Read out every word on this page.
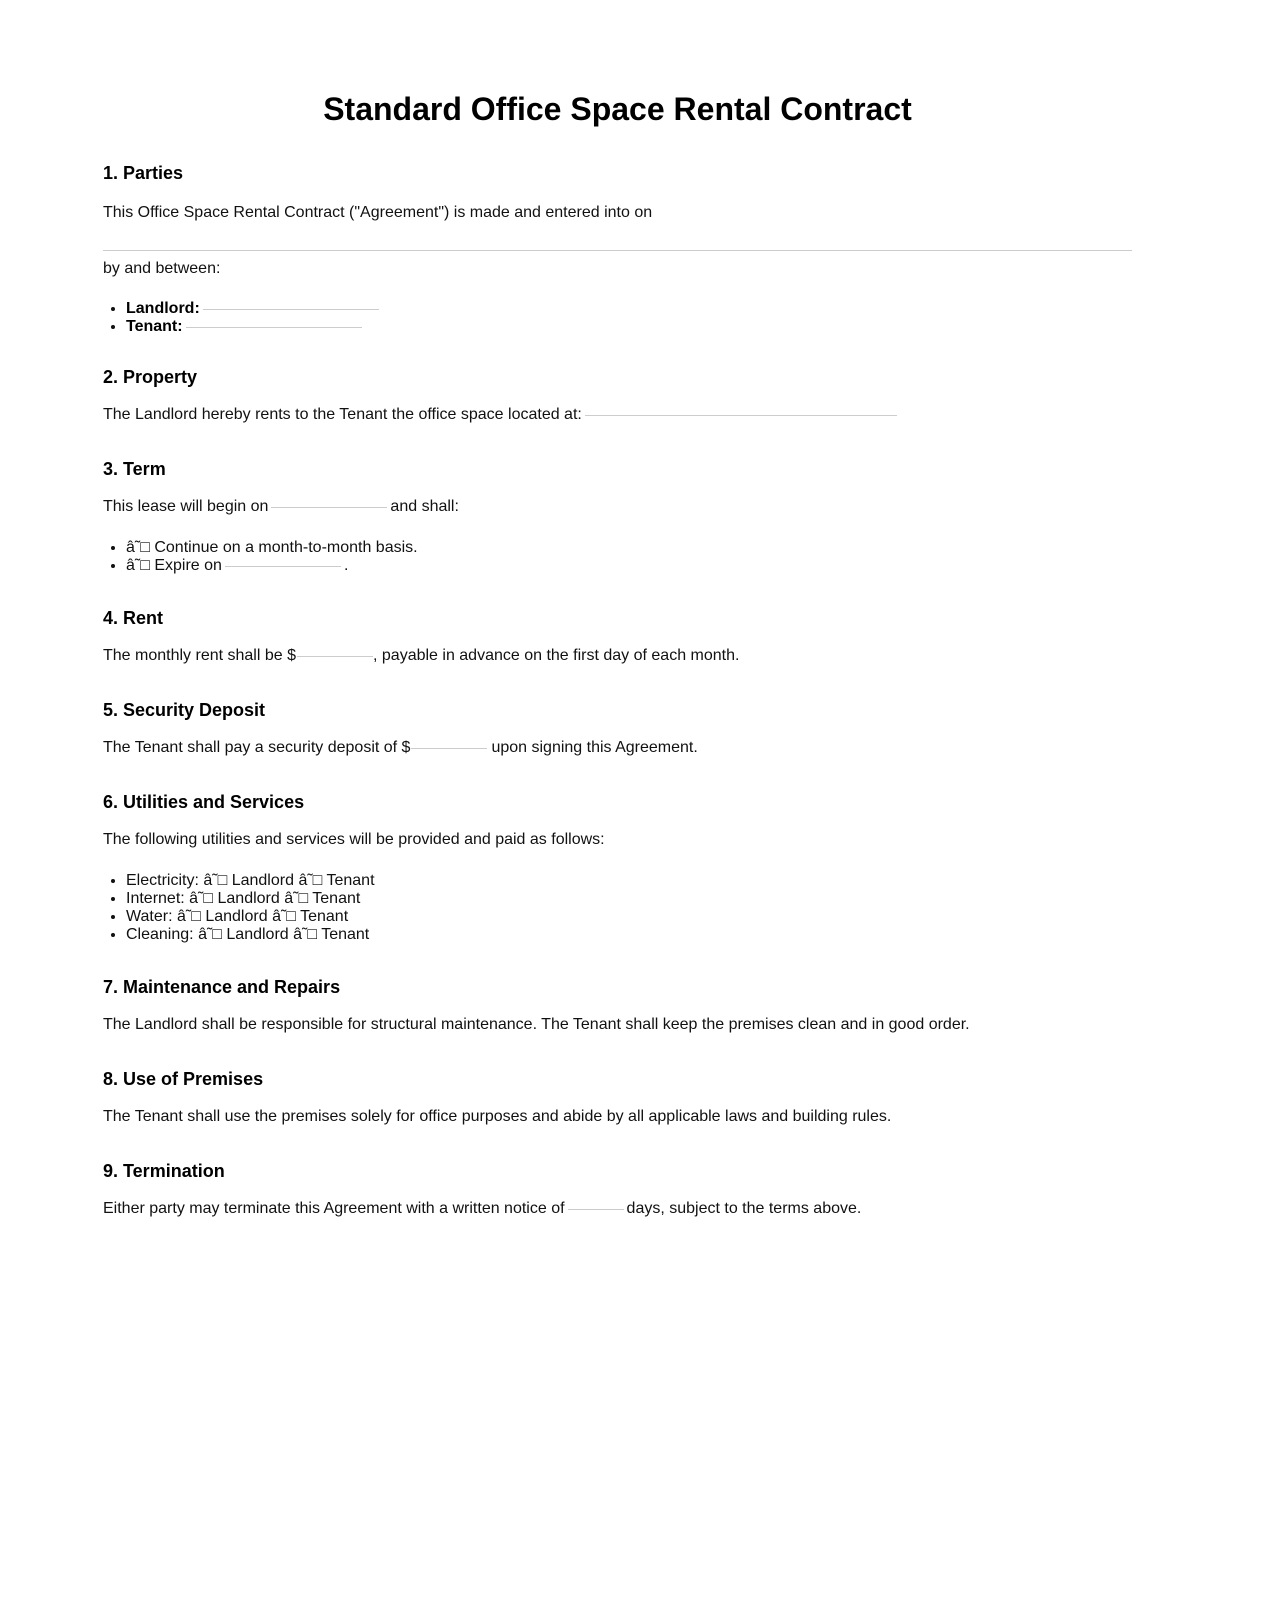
Standard Office Space Rental Contract
1. Parties

This Office Space Rental Contract ("Agreement") is made and entered into on

by and between:

• Landlord:
• Tenant:
2. Property

The Landlord hereby rents to the Tenant the office space located at:

3. Term

This lease will begin on	and shall:

• â˜□ Continue on a month-to-month basis.
• â˜□ Expire on	.
4. Rent

The monthly rent shall be $	, payable in advance on the first day of each month.

5. Security Deposit

The Tenant shall pay a security deposit of $	upon signing this Agreement.

6. Utilities and Services

The following utilities and services will be provided and paid as follows:

• Electricity: â˜□ Landlord â˜□ Tenant
• Internet: â˜□ Landlord â˜□ Tenant
• Water: â˜□ Landlord â˜□ Tenant
• Cleaning: â˜□ Landlord â˜□ Tenant
7. Maintenance and Repairs

The Landlord shall be responsible for structural maintenance. The Tenant shall keep the premises clean and in good order.

8. Use of Premises

The Tenant shall use the premises solely for office purposes and abide by all applicable laws and building rules.

9. Termination

Either party may terminate this Agreement with a written notice of	days, subject to the terms above.
